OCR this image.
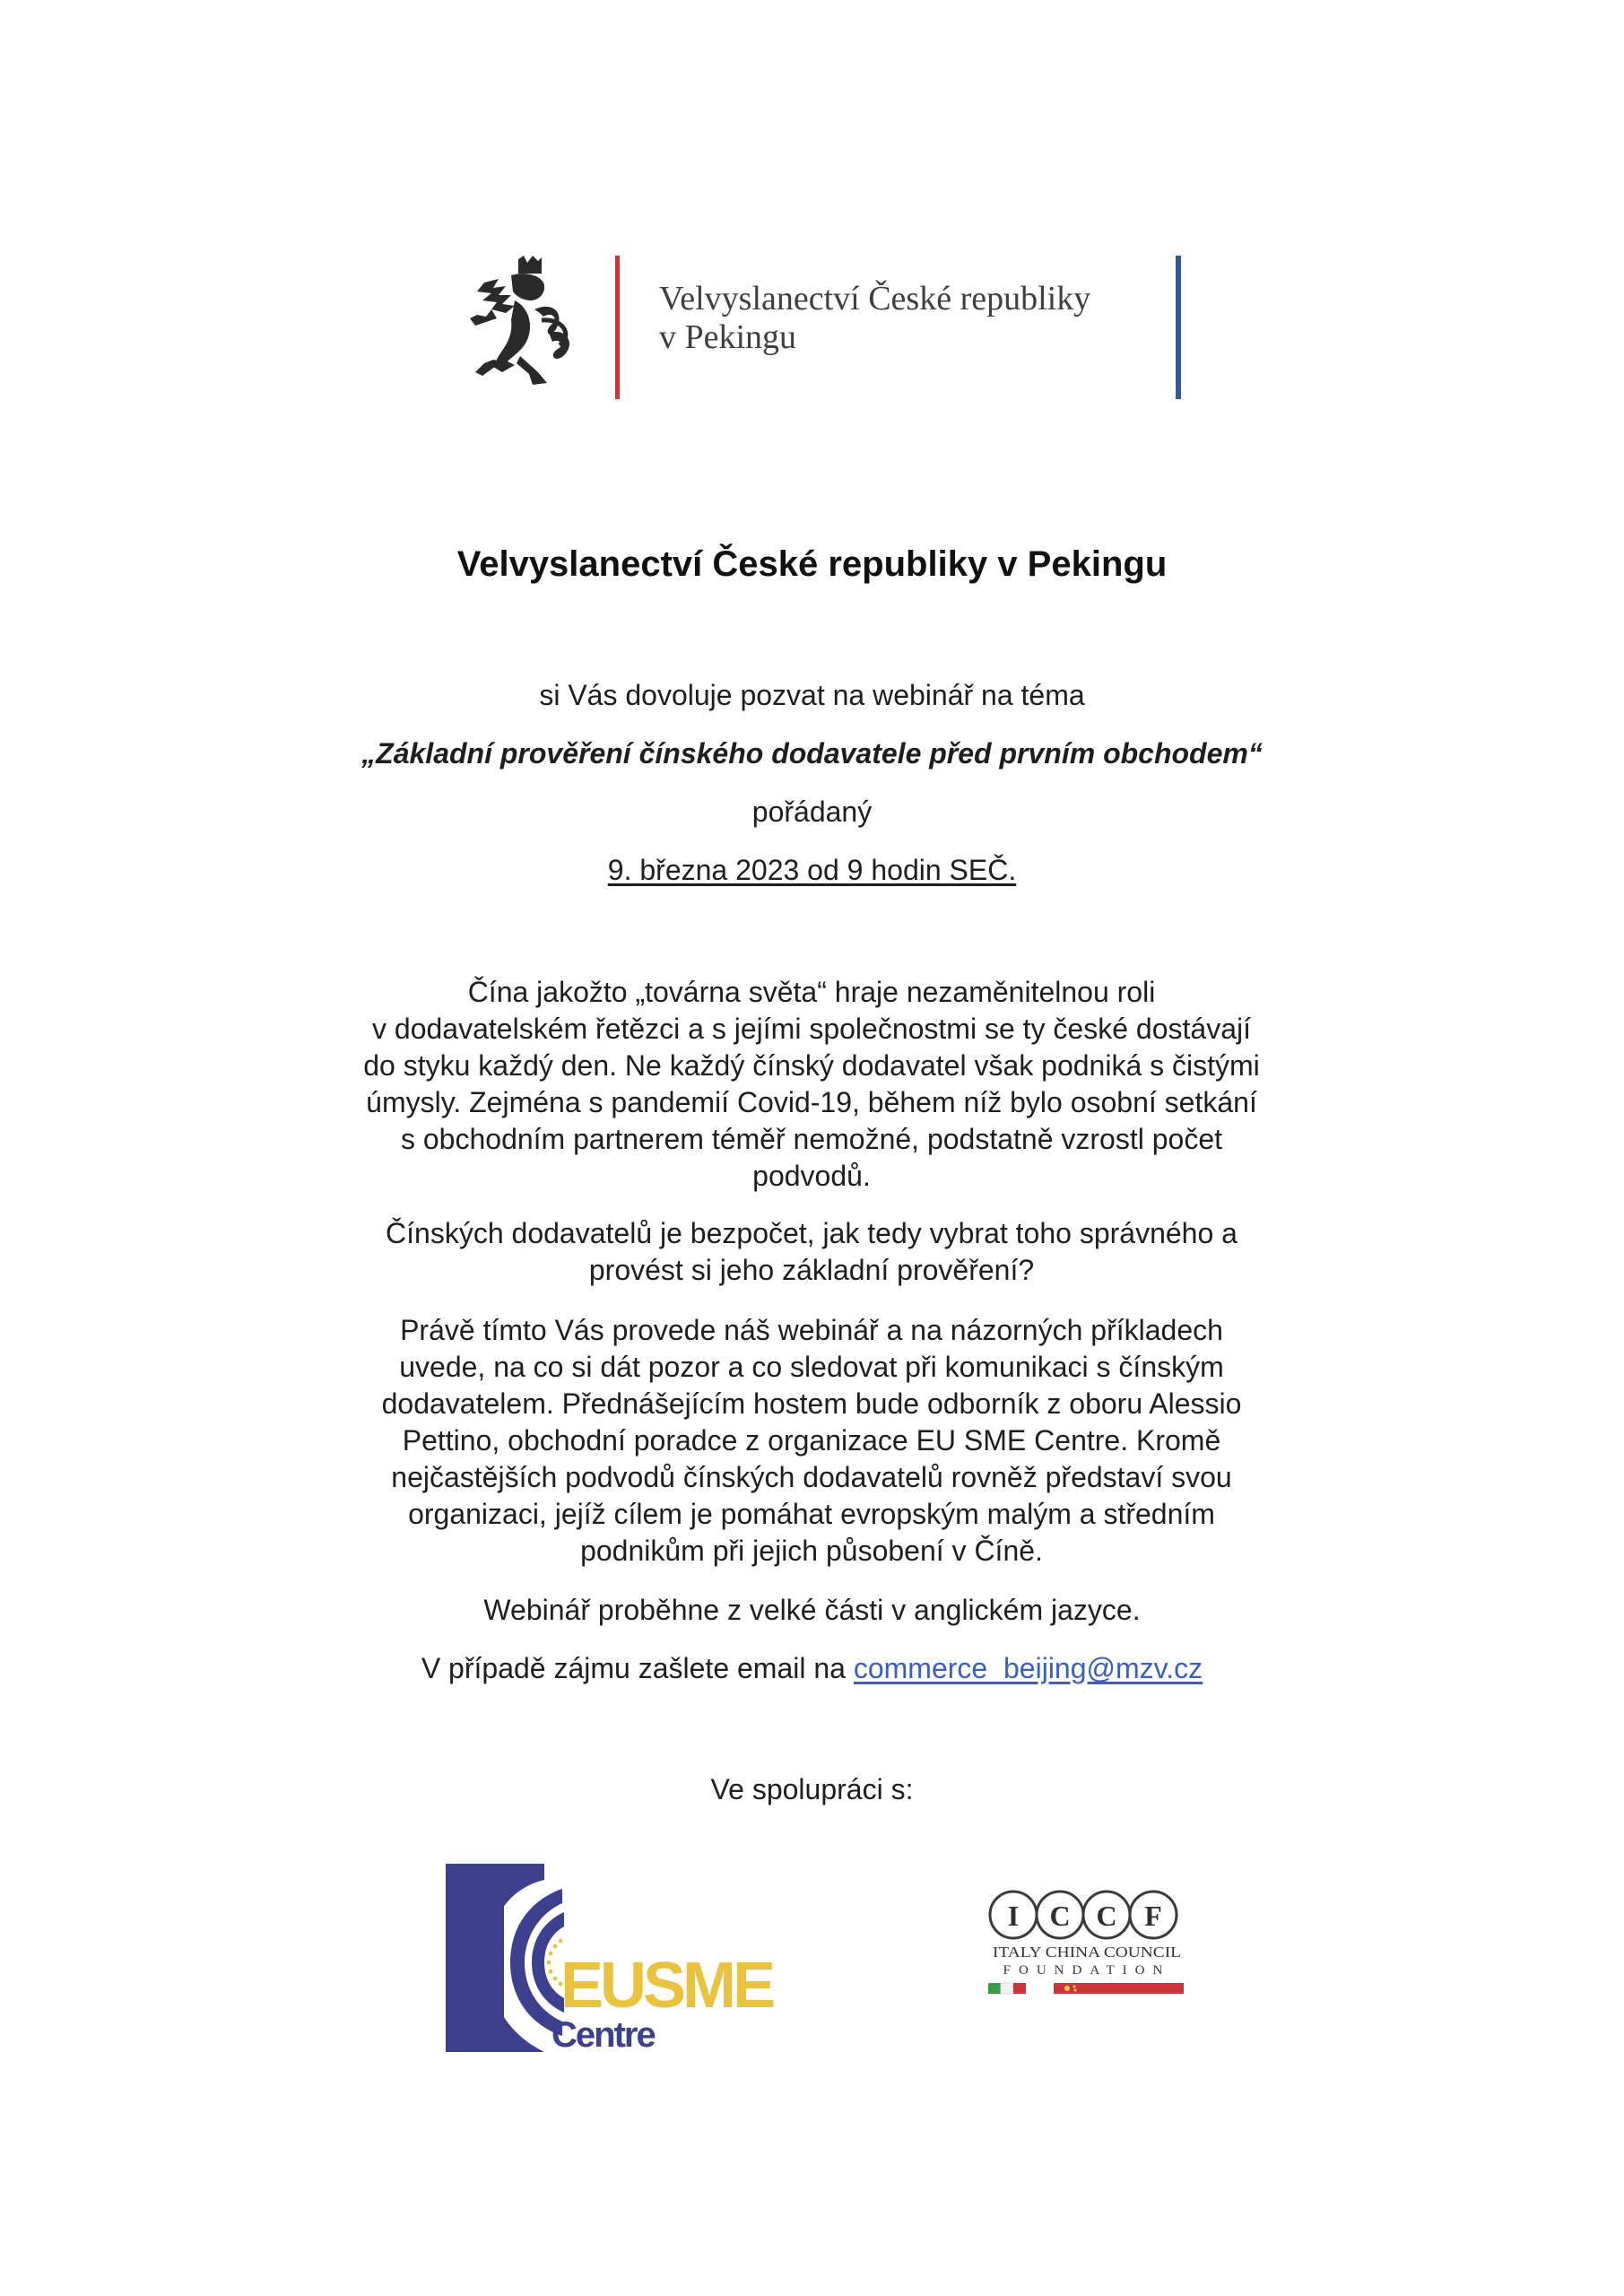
Velvyslanectví České republiky
v Pekingu
Velvyslanectví České republiky v Pekingu
si Vás dovoluje pozvat na webinář na téma
„Základní prověření čínského dodavatele před prvním obchodem“
pořádaný
9. března 2023 od 9 hodin SEČ.
Čína jakožto „továrna světa“ hraje nezaměnitelnou roli
v dodavatelském řetězci a s jejími společnostmi se ty české dostávají
do styku každý den. Ne každý čínský dodavatel však podniká s čistými
úmysly. Zejména s pandemií Covid-19, během níž bylo osobní setkání
s obchodním partnerem téměř nemožné, podstatně vzrostl počet
podvodů.
Čínských dodavatelů je bezpočet, jak tedy vybrat toho správného a
provést si jeho základní prověření?
Právě tímto Vás provede náš webinář a na názorných příkladech
uvede, na co si dát pozor a co sledovat při komunikaci s čínským
dodavatelem. Přednášejícím hostem bude odborník z oboru Alessio
Pettino, obchodní poradce z organizace EU SME Centre. Kromě
nejčastějších podvodů čínských dodavatelů rovněž představí svou
organizaci, jejíž cílem je pomáhat evropským malým a středním
podnikům při jejich působení v Číně.
Webinář proběhne z velké části v anglickém jazyce.
V případě zájmu zašlete email na commerce_beijing@mzv.cz
Ve spolupráci s:
EUSME
Centre
I C C F
ITALY CHINA COUNCIL
FOUNDATION
